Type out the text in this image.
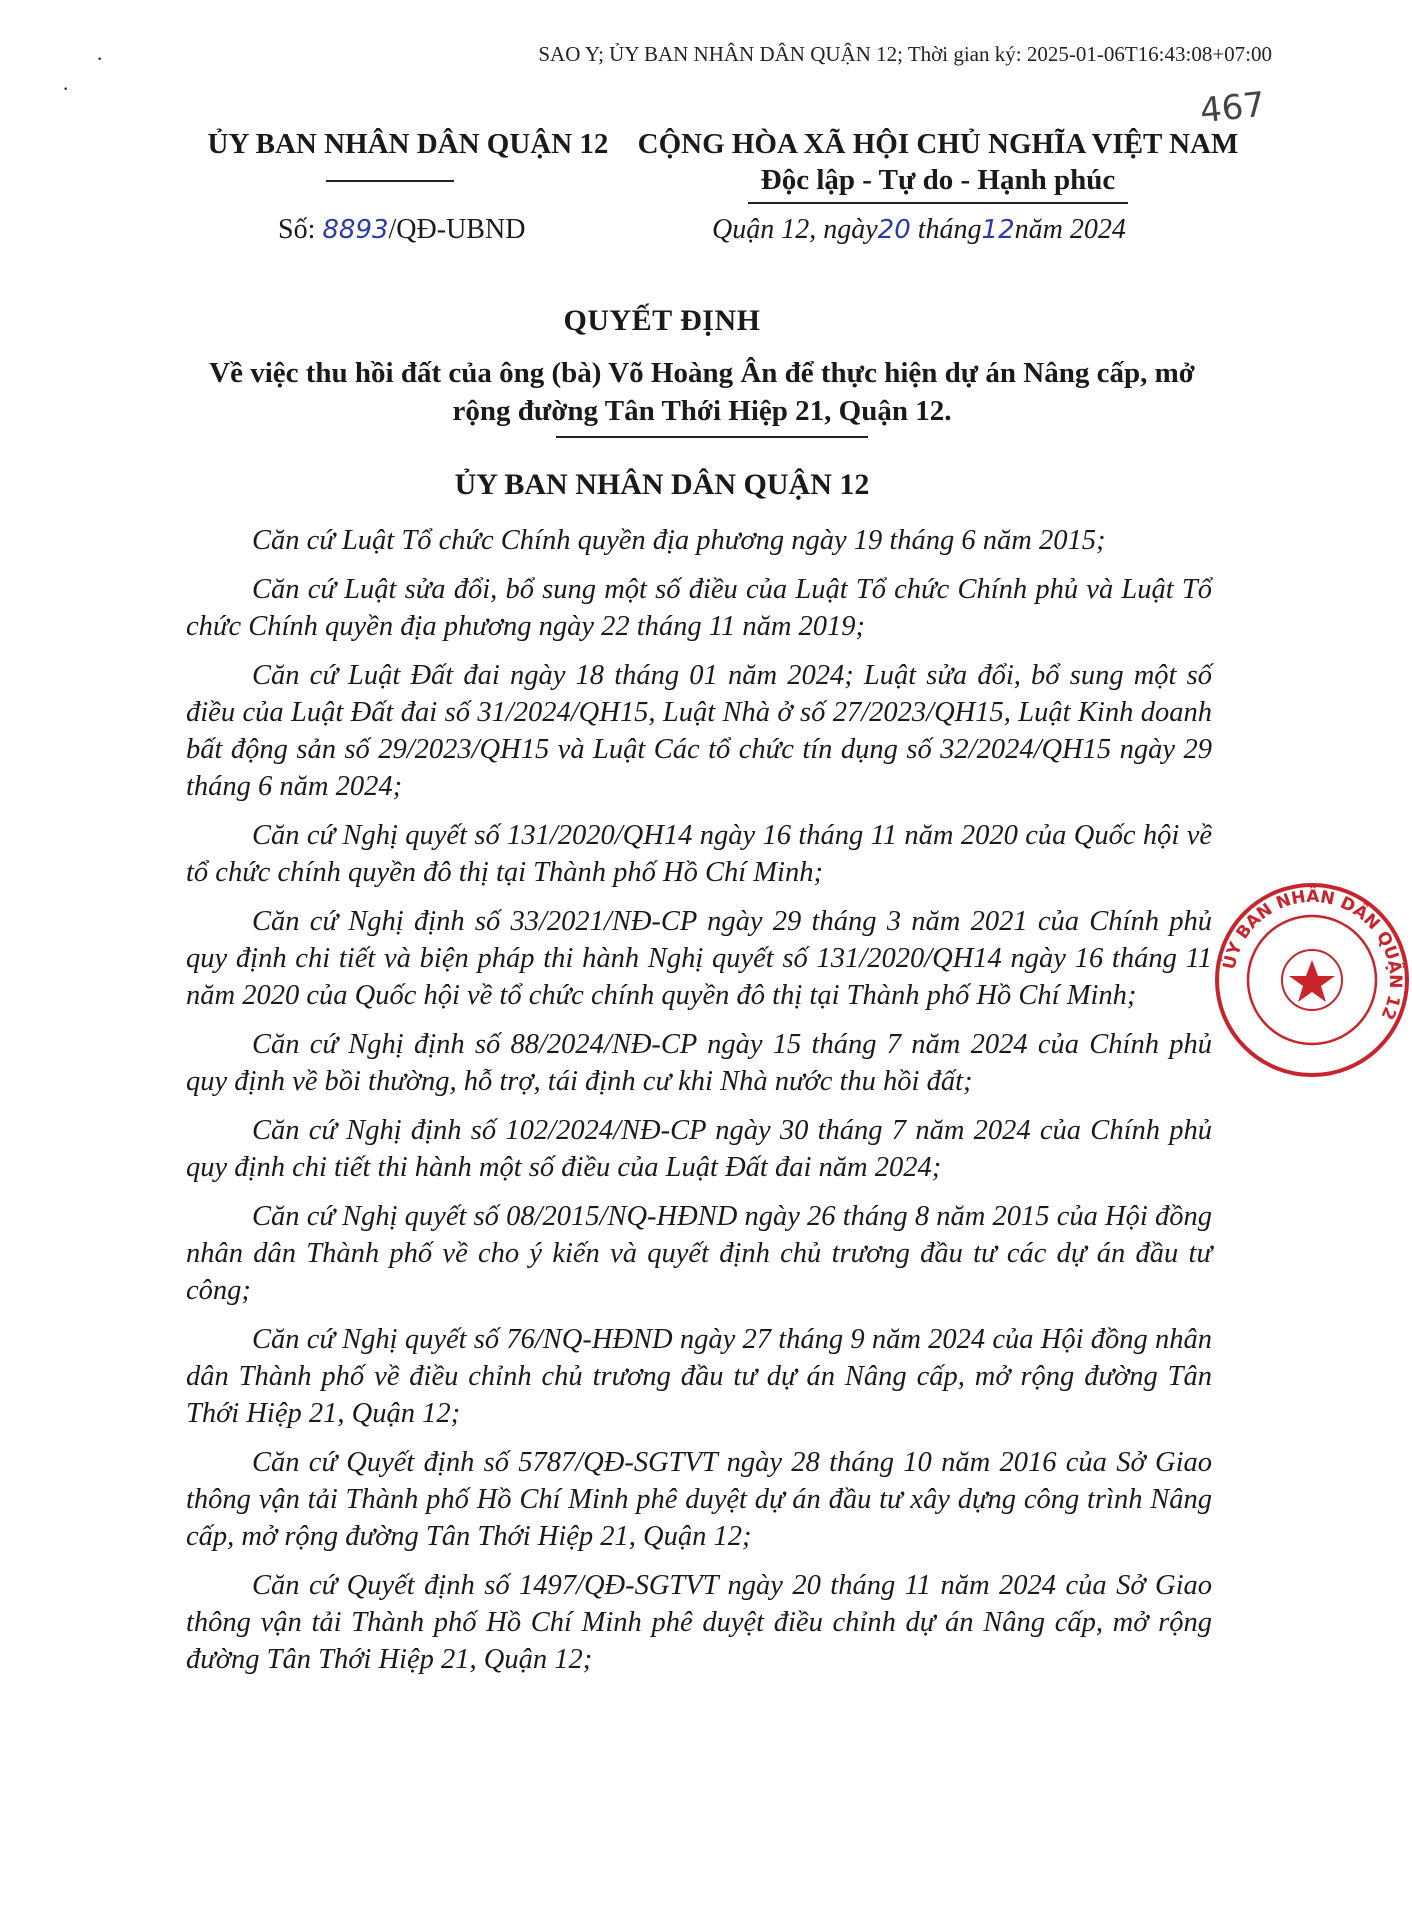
SAO Y; ỦY BAN NHÂN DÂN QUẬN 12; Thời gian ký: 2025-01-06T16:43:08+07:00
·
·	467
ỦY BAN NHÂN DÂN QUẬN 12	CỘNG HÒA XÃ HỘI CHỦ NGHĨA VIỆT NAM
Độc lập - Tự do - Hạnh phúc
Số: 8893/QĐ-UBND	Quận 12, ngày20 tháng12năm 2024
QUYẾT ĐỊNH
Về việc thu hồi đất của ông (bà) Võ Hoàng Ân để thực hiện dự án Nâng cấp, mở rộng đường Tân Thới Hiệp 21, Quận 12.
ỦY BAN NHÂN DÂN QUẬN 12

Căn cứ Luật Tổ chức Chính quyền địa phương ngày 19 tháng 6 năm 2015;

Căn cứ Luật sửa đổi, bổ sung một số điều của Luật Tổ chức Chính phủ và Luật Tổ chức Chính quyền địa phương ngày 22 tháng 11 năm 2019;

Căn cứ Luật Đất đai ngày 18 tháng 01 năm 2024; Luật sửa đổi, bổ sung một số điều của Luật Đất đai số 31/2024/QH15, Luật Nhà ở số 27/2023/QH15, Luật Kinh doanh bất động sản số 29/2023/QH15 và Luật Các tổ chức tín dụng số 32/2024/QH15 ngày 29 tháng 6 năm 2024;

Căn cứ Nghị quyết số 131/2020/QH14 ngày 16 tháng 11 năm 2020 của Quốc hội về tổ chức chính quyền đô thị tại Thành phố Hồ Chí Minh;

Căn cứ Nghị định số 33/2021/NĐ-CP ngày 29 tháng 3 năm 2021 của Chính phủ quy định chi tiết và biện pháp thi hành Nghị quyết số 131/2020/QH14 ngày 16 tháng 11 năm 2020 của Quốc hội về tổ chức chính quyền đô thị tại Thành phố Hồ Chí Minh;

Căn cứ Nghị định số 88/2024/NĐ-CP ngày 15 tháng 7 năm 2024 của Chính phủ quy định về bồi thường, hỗ trợ, tái định cư khi Nhà nước thu hồi đất;

Căn cứ Nghị định số 102/2024/NĐ-CP ngày 30 tháng 7 năm 2024 của Chính phủ quy định chi tiết thi hành một số điều của Luật Đất đai năm 2024;

Căn cứ Nghị quyết số 08/2015/NQ-HĐND ngày 26 tháng 8 năm 2015 của Hội đồng nhân dân Thành phố về cho ý kiến và quyết định chủ trương đầu tư các dự án đầu tư công;

Căn cứ Nghị quyết số 76/NQ-HĐND ngày 27 tháng 9 năm 2024 của Hội đồng nhân dân Thành phố về điều chỉnh chủ trương đầu tư dự án Nâng cấp, mở rộng đường Tân Thới Hiệp 21, Quận 12;

Căn cứ Quyết định số 5787/QĐ-SGTVT ngày 28 tháng 10 năm 2016 của Sở Giao thông vận tải Thành phố Hồ Chí Minh phê duyệt dự án đầu tư xây dựng công trình Nâng cấp, mở rộng đường Tân Thới Hiệp 21, Quận 12;

Căn cứ Quyết định số 1497/QĐ-SGTVT ngày 20 tháng 11 năm 2024 của Sở Giao thông vận tải Thành phố Hồ Chí Minh phê duyệt điều chỉnh dự án Nâng cấp, mở rộng đường Tân Thới Hiệp 21, Quận 12;

ỦY BAN NHÂN DÂN QUẬN 12
